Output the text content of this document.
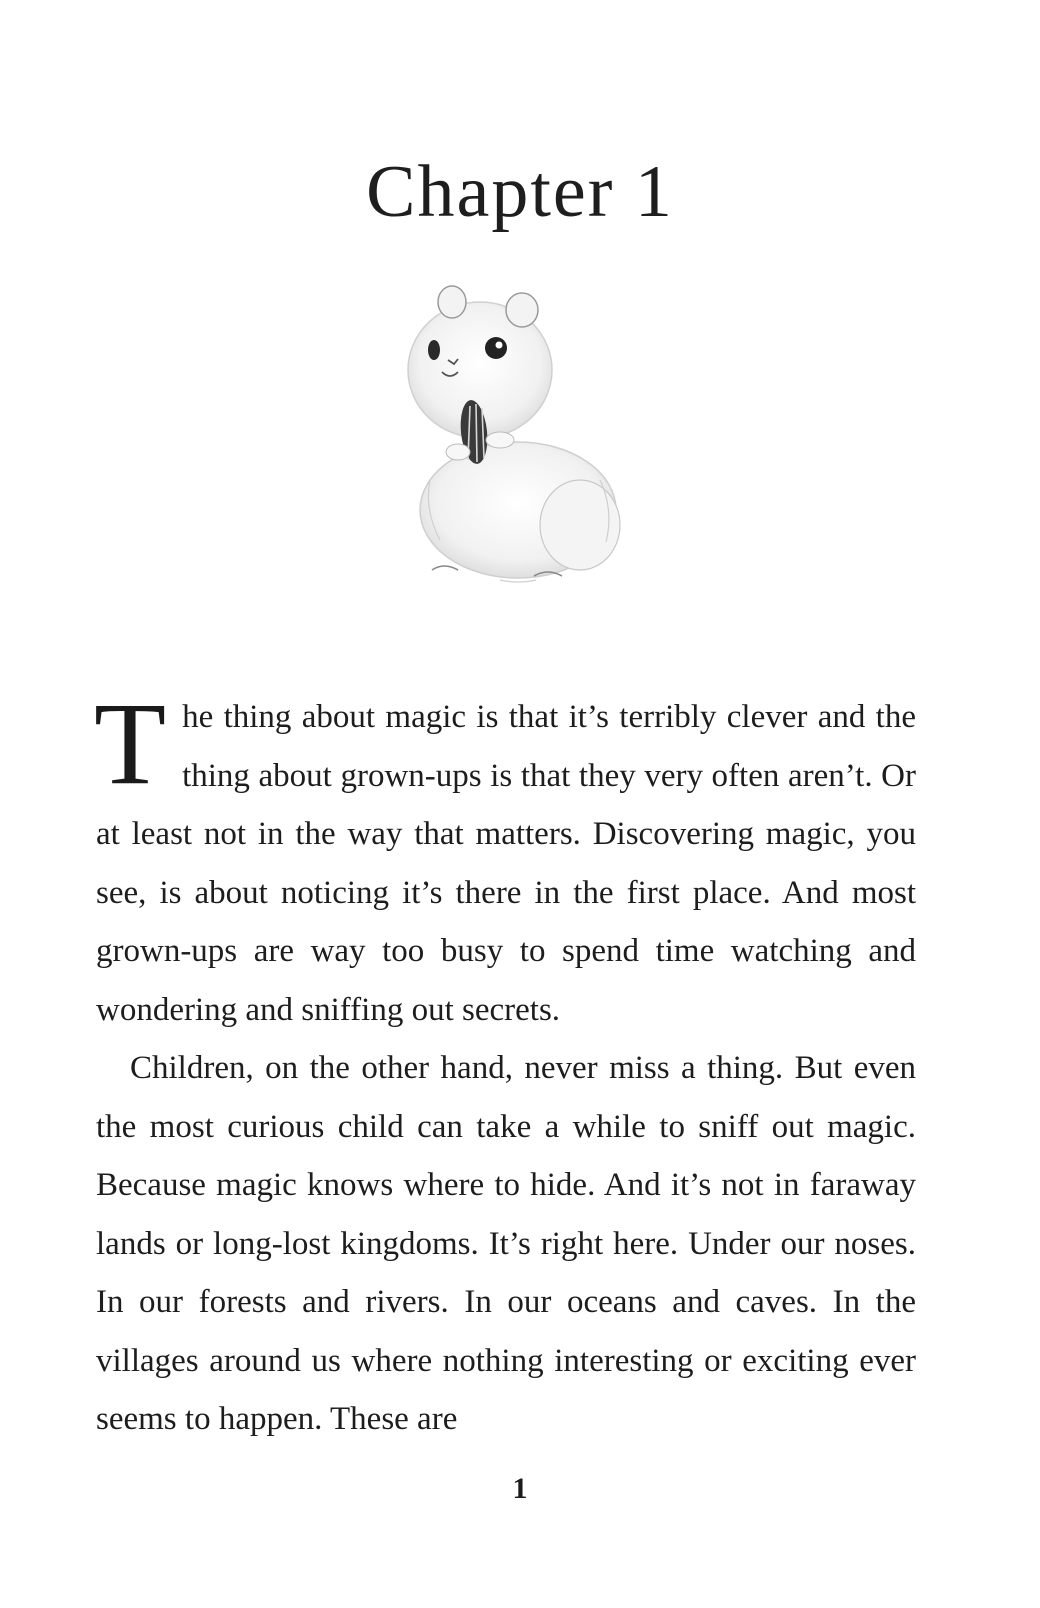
Chapter 1

The thing about magic is that it’s terribly clever and the thing about grown-ups is that they very often aren’t. Or at least not in the way that matters. Discovering magic, you see, is about noticing it’s there in the first place. And most grown-ups are way too busy to spend time watching and wondering and sniffing out secrets.

Children, on the other hand, never miss a thing. But even the most curious child can take a while to sniff out magic. Because magic knows where to hide. And it’s not in faraway lands or long-lost kingdoms. It’s right here. Under our noses. In our forests and rivers. In our oceans and caves. In the villages around us where nothing interesting or exciting ever seems to happen. These are

1
